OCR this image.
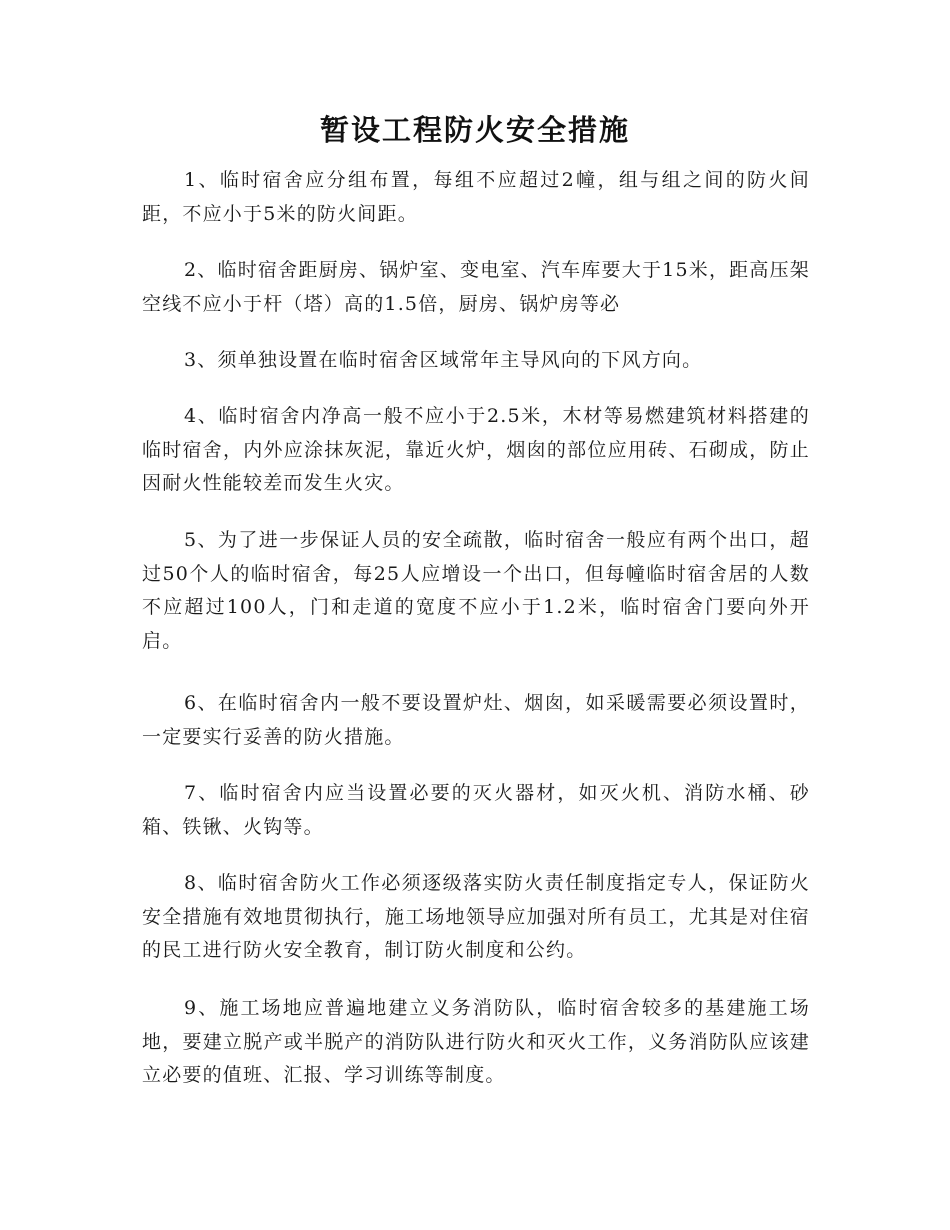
暂设工程防火安全措施

1、临时宿舍应分组布置，每组不应超过2幢，组与组之间的防火间距，不应小于5米的防火间距。

2、临时宿舍距厨房、锅炉室、变电室、汽车库要大于15米，距高压架空线不应小于杆（塔）高的1.5倍，厨房、锅炉房等必

3、须单独设置在临时宿舍区域常年主导风向的下风方向。

4、临时宿舍内净高一般不应小于2.5米，木材等易燃建筑材料搭建的临时宿舍，内外应涂抹灰泥，靠近火炉，烟囱的部位应用砖、石砌成，防止因耐火性能较差而发生火灾。

5、为了进一步保证人员的安全疏散，临时宿舍一般应有两个出口，超过50个人的临时宿舍，每25人应增设一个出口，但每幢临时宿舍居的人数不应超过100人，门和走道的宽度不应小于1.2米，临时宿舍门要向外开启。

6、在临时宿舍内一般不要设置炉灶、烟囱，如采暖需要必须设置时，一定要实行妥善的防火措施。

7、临时宿舍内应当设置必要的灭火器材，如灭火机、消防水桶、砂箱、铁锹、火钩等。

8、临时宿舍防火工作必须逐级落实防火责任制度指定专人，保证防火安全措施有效地贯彻执行，施工场地领导应加强对所有员工，尤其是对住宿的民工进行防火安全教育，制订防火制度和公约。

9、施工场地应普遍地建立义务消防队，临时宿舍较多的基建施工场地，要建立脱产或半脱产的消防队进行防火和灭火工作，义务消防队应该建立必要的值班、汇报、学习训练等制度。
